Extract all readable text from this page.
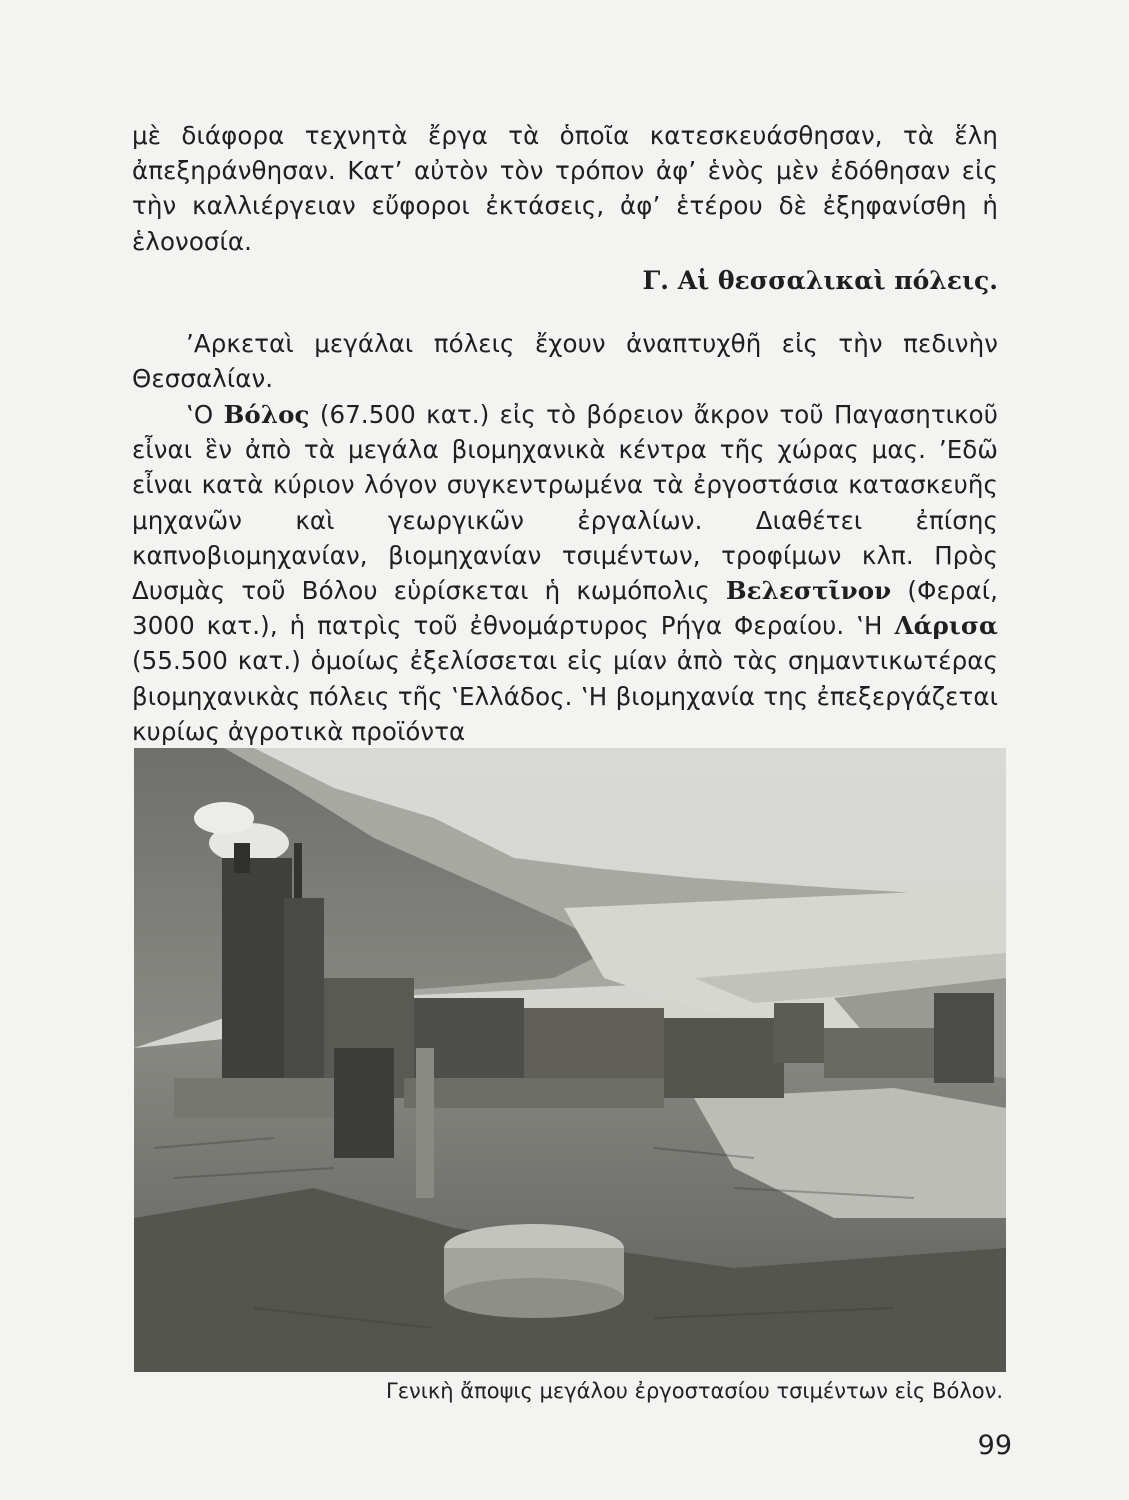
μὲ διάφορα τεχνητὰ ἔργα τὰ ὁποῖα κατεσκευάσθησαν, τὰ ἕλη ἀπεξηράνθησαν. Κατ’ αὐτὸν τὸν τρόπον ἀφ’ ἑνὸς μὲν ἐδόθησαν εἰς τὴν καλλιέργειαν εὔφοροι ἐκτάσεις, ἀφ’ ἑτέρου δὲ ἐξηφανίσθη ἡ ἑλονοσία.

Γ. Αἱ θεσσαλικαὶ πόλεις.

’Αρκεταὶ μεγάλαι πόλεις ἔχουν ἀναπτυχθῆ εἰς τὴν πεδινὴν Θεσσαλίαν.

‛Ο Βόλος (67.500 κατ.) εἰς τὸ βόρειον ἄκρον τοῦ Παγασητικοῦ εἶναι ἓν ἀπὸ τὰ μεγάλα βιομηχανικὰ κέντρα τῆς χώρας μας. ’Εδῶ εἶναι κατὰ κύριον λόγον συγκεντρωμένα τὰ ἐργοστάσια κατασκευῆς μηχανῶν καὶ γεωργικῶν ἐργαλίων. Διαθέτει ἐπίσης καπνοβιομηχανίαν, βιομηχανίαν τσιμέντων, τροφίμων κλπ. Πρὸς Δυσμὰς τοῦ Βόλου εὑρίσκεται ἡ κωμόπολις Βελεστῖνον (Φεραί, 3000 κατ.), ἡ πατρὶς τοῦ ἐθνομάρτυρος Ρήγα Φεραίου. ‛Η Λάρισα (55.500 κατ.) ὁμοίως ἐξελίσσεται εἰς μίαν ἀπὸ τὰς σημαντικωτέρας βιομηχανικὰς πόλεις τῆς ‛Ελλάδος. ‛Η βιομηχανία της ἐπεξεργάζεται κυρίως ἀγροτικὰ προϊόντα

Γενικὴ ἄποψις μεγάλου ἐργοστασίου τσιμέντων εἰς Βόλον.
99
